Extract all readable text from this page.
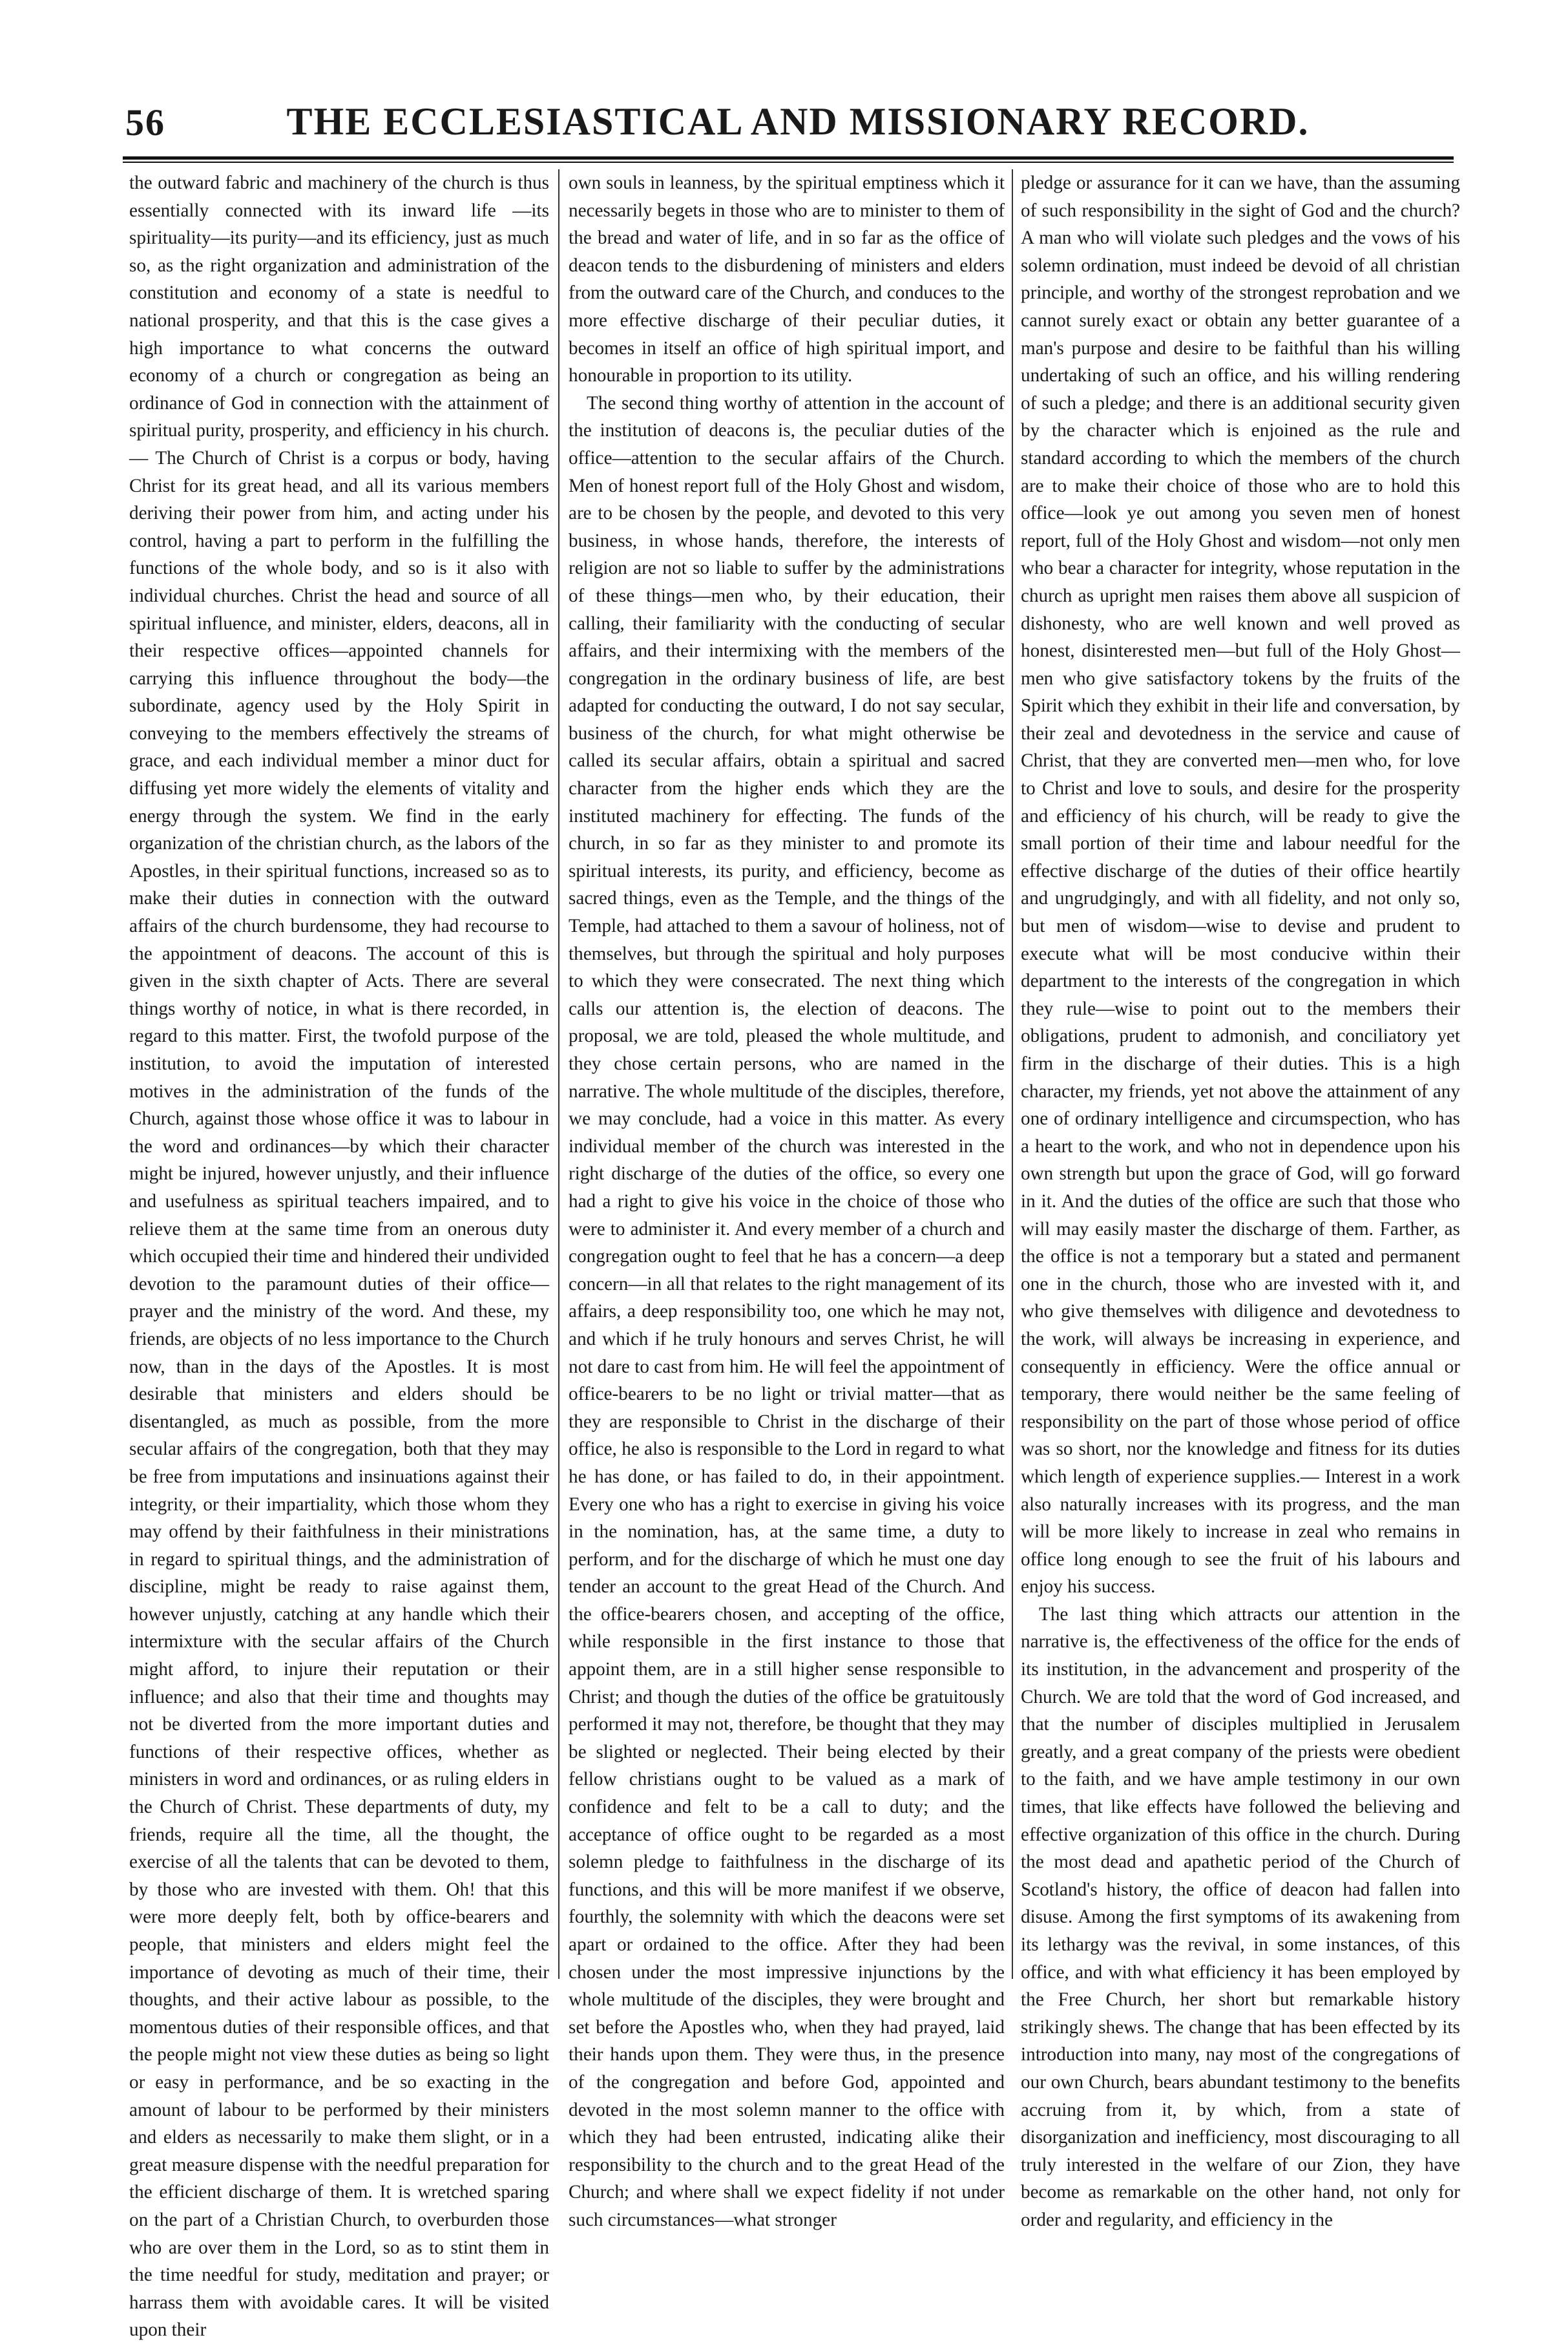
56	THE ECCLESIASTICAL AND MISSIONARY RECORD.

the outward fabric and machinery of the church is thus essentially connected with its inward life —its spirituality—its purity—and its efficiency, just as much so, as the right organization and administration of the constitution and economy of a state is needful to national prosperity, and that this is the case gives a high importance to what concerns the outward economy of a church or congregation as being an ordinance of God in connection with the attainment of spiritual purity, prosperity, and efficiency in his church.— The Church of Christ is a corpus or body, having Christ for its great head, and all its various members deriving their power from him, and acting under his control, having a part to perform in the fulfilling the functions of the whole body, and so is it also with individual churches. Christ the head and source of all spiritual influence, and minister, elders, deacons, all in their respective offices—appointed channels for carrying this influence throughout the body—the subordinate, agency used by the Holy Spirit in conveying to the members effectively the streams of grace, and each individual member a minor duct for diffusing yet more widely the elements of vitality and energy through the system. We find in the early organization of the christian church, as the labors of the Apostles, in their spiritual functions, increased so as to make their duties in connection with the outward affairs of the church burdensome, they had recourse to the appointment of deacons. The account of this is given in the sixth chapter of Acts. There are several things worthy of notice, in what is there recorded, in regard to this matter. First, the twofold purpose of the institution, to avoid the imputation of interested motives in the administration of the funds of the Church, against those whose office it was to labour in the word and ordinances—by which their character might be injured, however unjustly, and their influence and usefulness as spiritual teachers impaired, and to relieve them at the same time from an onerous duty which occupied their time and hindered their undivided devotion to the paramount duties of their office—prayer and the ministry of the word. And these, my friends, are objects of no less importance to the Church now, than in the days of the Apostles. It is most desirable that ministers and elders should be disentangled, as much as possible, from the more secular affairs of the congregation, both that they may be free from imputations and insinuations against their integrity, or their impartiality, which those whom they may offend by their faithfulness in their ministrations in regard to spiritual things, and the administration of discipline, might be ready to raise against them, however unjustly, catching at any handle which their intermixture with the secular affairs of the Church might afford, to injure their reputation or their influence; and also that their time and thoughts may not be diverted from the more important duties and functions of their respective offices, whether as ministers in word and ordinances, or as ruling elders in the Church of Christ. These departments of duty, my friends, require all the time, all the thought, the exercise of all the talents that can be devoted to them, by those who are invested with them. Oh! that this were more deeply felt, both by office-bearers and people, that ministers and elders might feel the importance of devoting as much of their time, their thoughts, and their active labour as possible, to the momentous duties of their responsible offices, and that the people might not view these duties as being so light or easy in performance, and be so exacting in the amount of labour to be performed by their ministers and elders as necessarily to make them slight, or in a great measure dispense with the needful preparation for the efficient discharge of them. It is wretched sparing on the part of a Christian Church, to overburden those who are over them in the Lord, so as to stint them in the time needful for study, meditation and prayer; or harrass them with avoidable cares. It will be visited upon their

own souls in leanness, by the spiritual emptiness which it necessarily begets in those who are to minister to them of the bread and water of life, and in so far as the office of deacon tends to the disburdening of ministers and elders from the outward care of the Church, and conduces to the more effective discharge of their peculiar duties, it becomes in itself an office of high spiritual import, and honourable in proportion to its utility.

The second thing worthy of attention in the account of the institution of deacons is, the peculiar duties of the office—attention to the secular affairs of the Church. Men of honest report full of the Holy Ghost and wisdom, are to be chosen by the people, and devoted to this very business, in whose hands, therefore, the interests of religion are not so liable to suffer by the administrations of these things—men who, by their education, their calling, their familiarity with the conducting of secular affairs, and their intermixing with the members of the congregation in the ordinary business of life, are best adapted for conducting the outward, I do not say secular, business of the church, for what might otherwise be called its secular affairs, obtain a spiritual and sacred character from the higher ends which they are the instituted machinery for effecting. The funds of the church, in so far as they minister to and promote its spiritual interests, its purity, and efficiency, become as sacred things, even as the Temple, and the things of the Temple, had attached to them a savour of holiness, not of themselves, but through the spiritual and holy purposes to which they were consecrated. The next thing which calls our attention is, the election of deacons. The proposal, we are told, pleased the whole multitude, and they chose certain persons, who are named in the narrative. The whole multitude of the disciples, therefore, we may conclude, had a voice in this matter. As every individual member of the church was interested in the right discharge of the duties of the office, so every one had a right to give his voice in the choice of those who were to administer it. And every member of a church and congregation ought to feel that he has a concern—a deep concern—in all that relates to the right management of its affairs, a deep responsibility too, one which he may not, and which if he truly honours and serves Christ, he will not dare to cast from him. He will feel the appointment of office-bearers to be no light or trivial matter—that as they are responsible to Christ in the discharge of their office, he also is responsible to the Lord in regard to what he has done, or has failed to do, in their appointment. Every one who has a right to exercise in giving his voice in the nomination, has, at the same time, a duty to perform, and for the discharge of which he must one day tender an account to the great Head of the Church. And the office-bearers chosen, and accepting of the office, while responsible in the first instance to those that appoint them, are in a still higher sense responsible to Christ; and though the duties of the office be gratuitously performed it may not, therefore, be thought that they may be slighted or neglected. Their being elected by their fellow christians ought to be valued as a mark of confidence and felt to be a call to duty; and the acceptance of office ought to be regarded as a most solemn pledge to faithfulness in the discharge of its functions, and this will be more manifest if we observe, fourthly, the solemnity with which the deacons were set apart or ordained to the office. After they had been chosen under the most impressive injunctions by the whole multitude of the disciples, they were brought and set before the Apostles who, when they had prayed, laid their hands upon them. They were thus, in the presence of the congregation and before God, appointed and devoted in the most solemn manner to the office with which they had been entrusted, indicating alike their responsibility to the church and to the great Head of the Church; and where shall we expect fidelity if not under such circumstances—what stronger

pledge or assurance for it can we have, than the assuming of such responsibility in the sight of God and the church? A man who will violate such pledges and the vows of his solemn ordination, must indeed be devoid of all christian principle, and worthy of the strongest reprobation and we cannot surely exact or obtain any better guarantee of a man's purpose and desire to be faithful than his willing undertaking of such an office, and his willing rendering of such a pledge; and there is an additional security given by the character which is enjoined as the rule and standard according to which the members of the church are to make their choice of those who are to hold this office—look ye out among you seven men of honest report, full of the Holy Ghost and wisdom—not only men who bear a character for integrity, whose reputation in the church as upright men raises them above all suspicion of dishonesty, who are well known and well proved as honest, disinterested men—but full of the Holy Ghost—men who give satisfactory tokens by the fruits of the Spirit which they exhibit in their life and conversation, by their zeal and devotedness in the service and cause of Christ, that they are converted men—men who, for love to Christ and love to souls, and desire for the prosperity and efficiency of his church, will be ready to give the small portion of their time and labour needful for the effective discharge of the duties of their office heartily and ungrudgingly, and with all fidelity, and not only so, but men of wisdom—wise to devise and prudent to execute what will be most conducive within their department to the interests of the congregation in which they rule—wise to point out to the members their obligations, prudent to admonish, and conciliatory yet firm in the discharge of their duties. This is a high character, my friends, yet not above the attainment of any one of ordinary intelligence and circumspection, who has a heart to the work, and who not in dependence upon his own strength but upon the grace of God, will go forward in it. And the duties of the office are such that those who will may easily master the discharge of them. Farther, as the office is not a temporary but a stated and permanent one in the church, those who are invested with it, and who give themselves with diligence and devotedness to the work, will always be increasing in experience, and consequently in efficiency. Were the office annual or temporary, there would neither be the same feeling of responsibility on the part of those whose period of office was so short, nor the knowledge and fitness for its duties which length of experience supplies.— Interest in a work also naturally increases with its progress, and the man will be more likely to increase in zeal who remains in office long enough to see the fruit of his labours and enjoy his success.

The last thing which attracts our attention in the narrative is, the effectiveness of the office for the ends of its institution, in the advancement and prosperity of the Church. We are told that the word of God increased, and that the number of disciples multiplied in Jerusalem greatly, and a great company of the priests were obedient to the faith, and we have ample testimony in our own times, that like effects have followed the believing and effective organization of this office in the church. During the most dead and apathetic period of the Church of Scotland's history, the office of deacon had fallen into disuse. Among the first symptoms of its awakening from its lethargy was the revival, in some instances, of this office, and with what efficiency it has been employed by the Free Church, her short but remarkable history strikingly shews. The change that has been effected by its introduction into many, nay most of the congregations of our own Church, bears abundant testimony to the benefits accruing from it, by which, from a state of disorganization and inefficiency, most discouraging to all truly interested in the welfare of our Zion, they have become as remarkable on the other hand, not only for order and regularity, and efficiency in the
